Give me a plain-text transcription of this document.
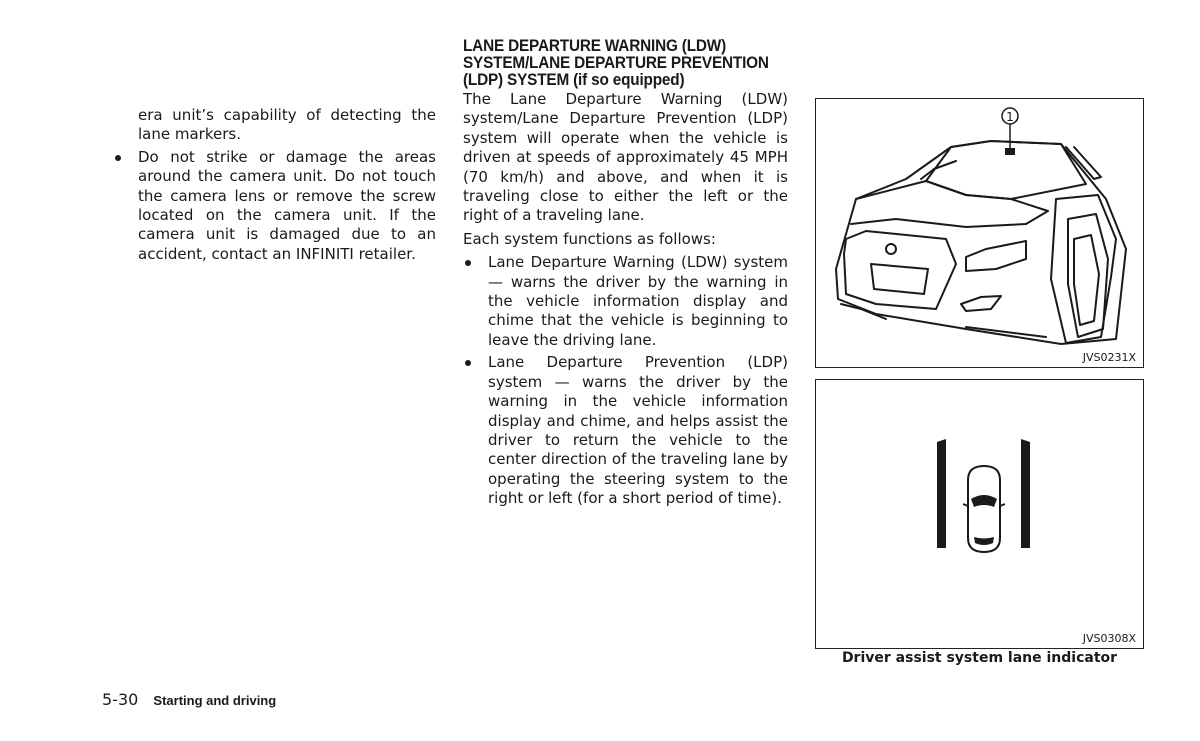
era unit’s capability of detecting the lane markers.
Do not strike or damage the areas around the camera unit. Do not touch the camera lens or remove the screw located on the camera unit. If the camera unit is damaged due to an accident, contact an INFINITI retailer.
LANE DEPARTURE WARNING (LDW)
SYSTEM/LANE DEPARTURE PREVENTION
(LDP) SYSTEM (if so equipped)
The Lane Departure Warning (LDW) system/Lane Departure Prevention (LDP) system will operate when the vehicle is driven at speeds of approximately 45 MPH (70 km/h) and above, and when it is traveling close to either the left or the right of a traveling lane.
Each system functions as follows:
Lane Departure Warning (LDW) system — warns the driver by the warning in the vehicle information display and chime that the vehicle is beginning to leave the driving lane.
Lane Departure Prevention (LDP) system — warns the driver by the warning in the vehicle information display and chime, and helps assist the driver to return the vehicle to the center direction of the traveling lane by operating the steering system to the right or left (for a short period of time).
1
JVS0231X
JVS0308X
Driver assist system lane indicator
5-30 Starting and driving
